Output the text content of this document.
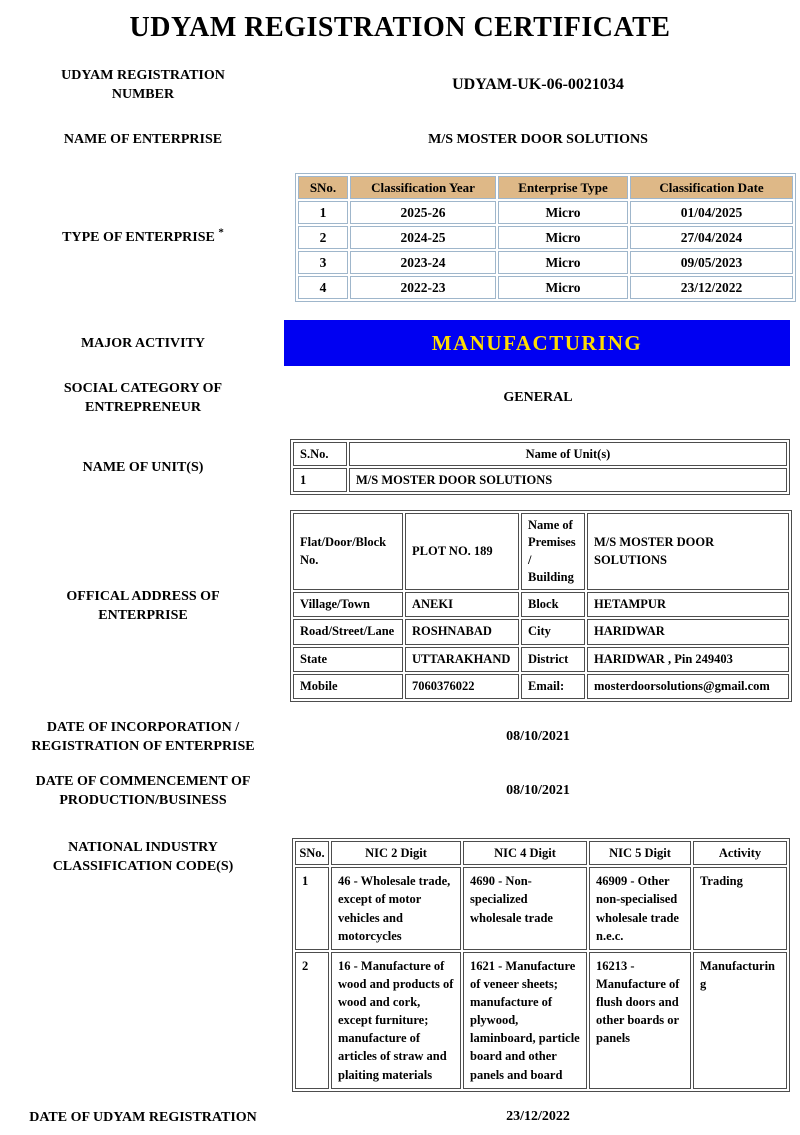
UDYAM REGISTRATION CERTIFICATE
UDYAM REGISTRATION NUMBER
UDYAM-UK-06-0021034
NAME OF ENTERPRISE	M/S MOSTER DOOR SOLUTIONS
TYPE OF ENTERPRISE *
SNo.	Classification Year	Enterprise Type	Classification Date
1	2025-26	Micro	01/04/2025
2	2024-25	Micro	27/04/2024
3	2023-24	Micro	09/05/2023
4	2022-23	Micro	23/12/2022
MAJOR ACTIVITY	MANUFACTURING
SOCIAL CATEGORY OF ENTREPRENEUR
GENERAL
NAME OF UNIT(S)
S.No.	Name of Unit(s)
1	M/S MOSTER DOOR SOLUTIONS
OFFICAL ADDRESS OF ENTERPRISE
Flat/Door/Block No.	PLOT NO. 189	Name of Premises/ Building	M/S MOSTER DOOR SOLUTIONS
Village/Town	ANEKI	Block	HETAMPUR
Road/Street/Lane	ROSHNABAD	City	HARIDWAR
State	UTTARAKHAND	District	HARIDWAR , Pin 249403
Mobile	7060376022	Email:	mosterdoorsolutions@gmail.com
DATE OF INCORPORATION / REGISTRATION OF ENTERPRISE
08/10/2021
DATE OF COMMENCEMENT OF PRODUCTION/BUSINESS
08/10/2021
NATIONAL INDUSTRY CLASSIFICATION CODE(S)
SNo.	NIC 2 Digit	NIC 4 Digit	NIC 5 Digit	Activity
1	46 - Wholesale trade, except of motor vehicles and motorcycles	4690 - Non-specialized wholesale trade	46909 - Other non-specialised wholesale trade n.e.c.	Trading
2	16 - Manufacture of wood and products of wood and cork, except furniture; manufacture of articles of straw and plaiting materials	1621 - Manufacture of veneer sheets; manufacture of plywood, laminboard, particle board and other panels and board	16213 - Manufacture of flush doors and other boards or panels	Manufacturing
DATE OF UDYAM REGISTRATION	23/12/2022
